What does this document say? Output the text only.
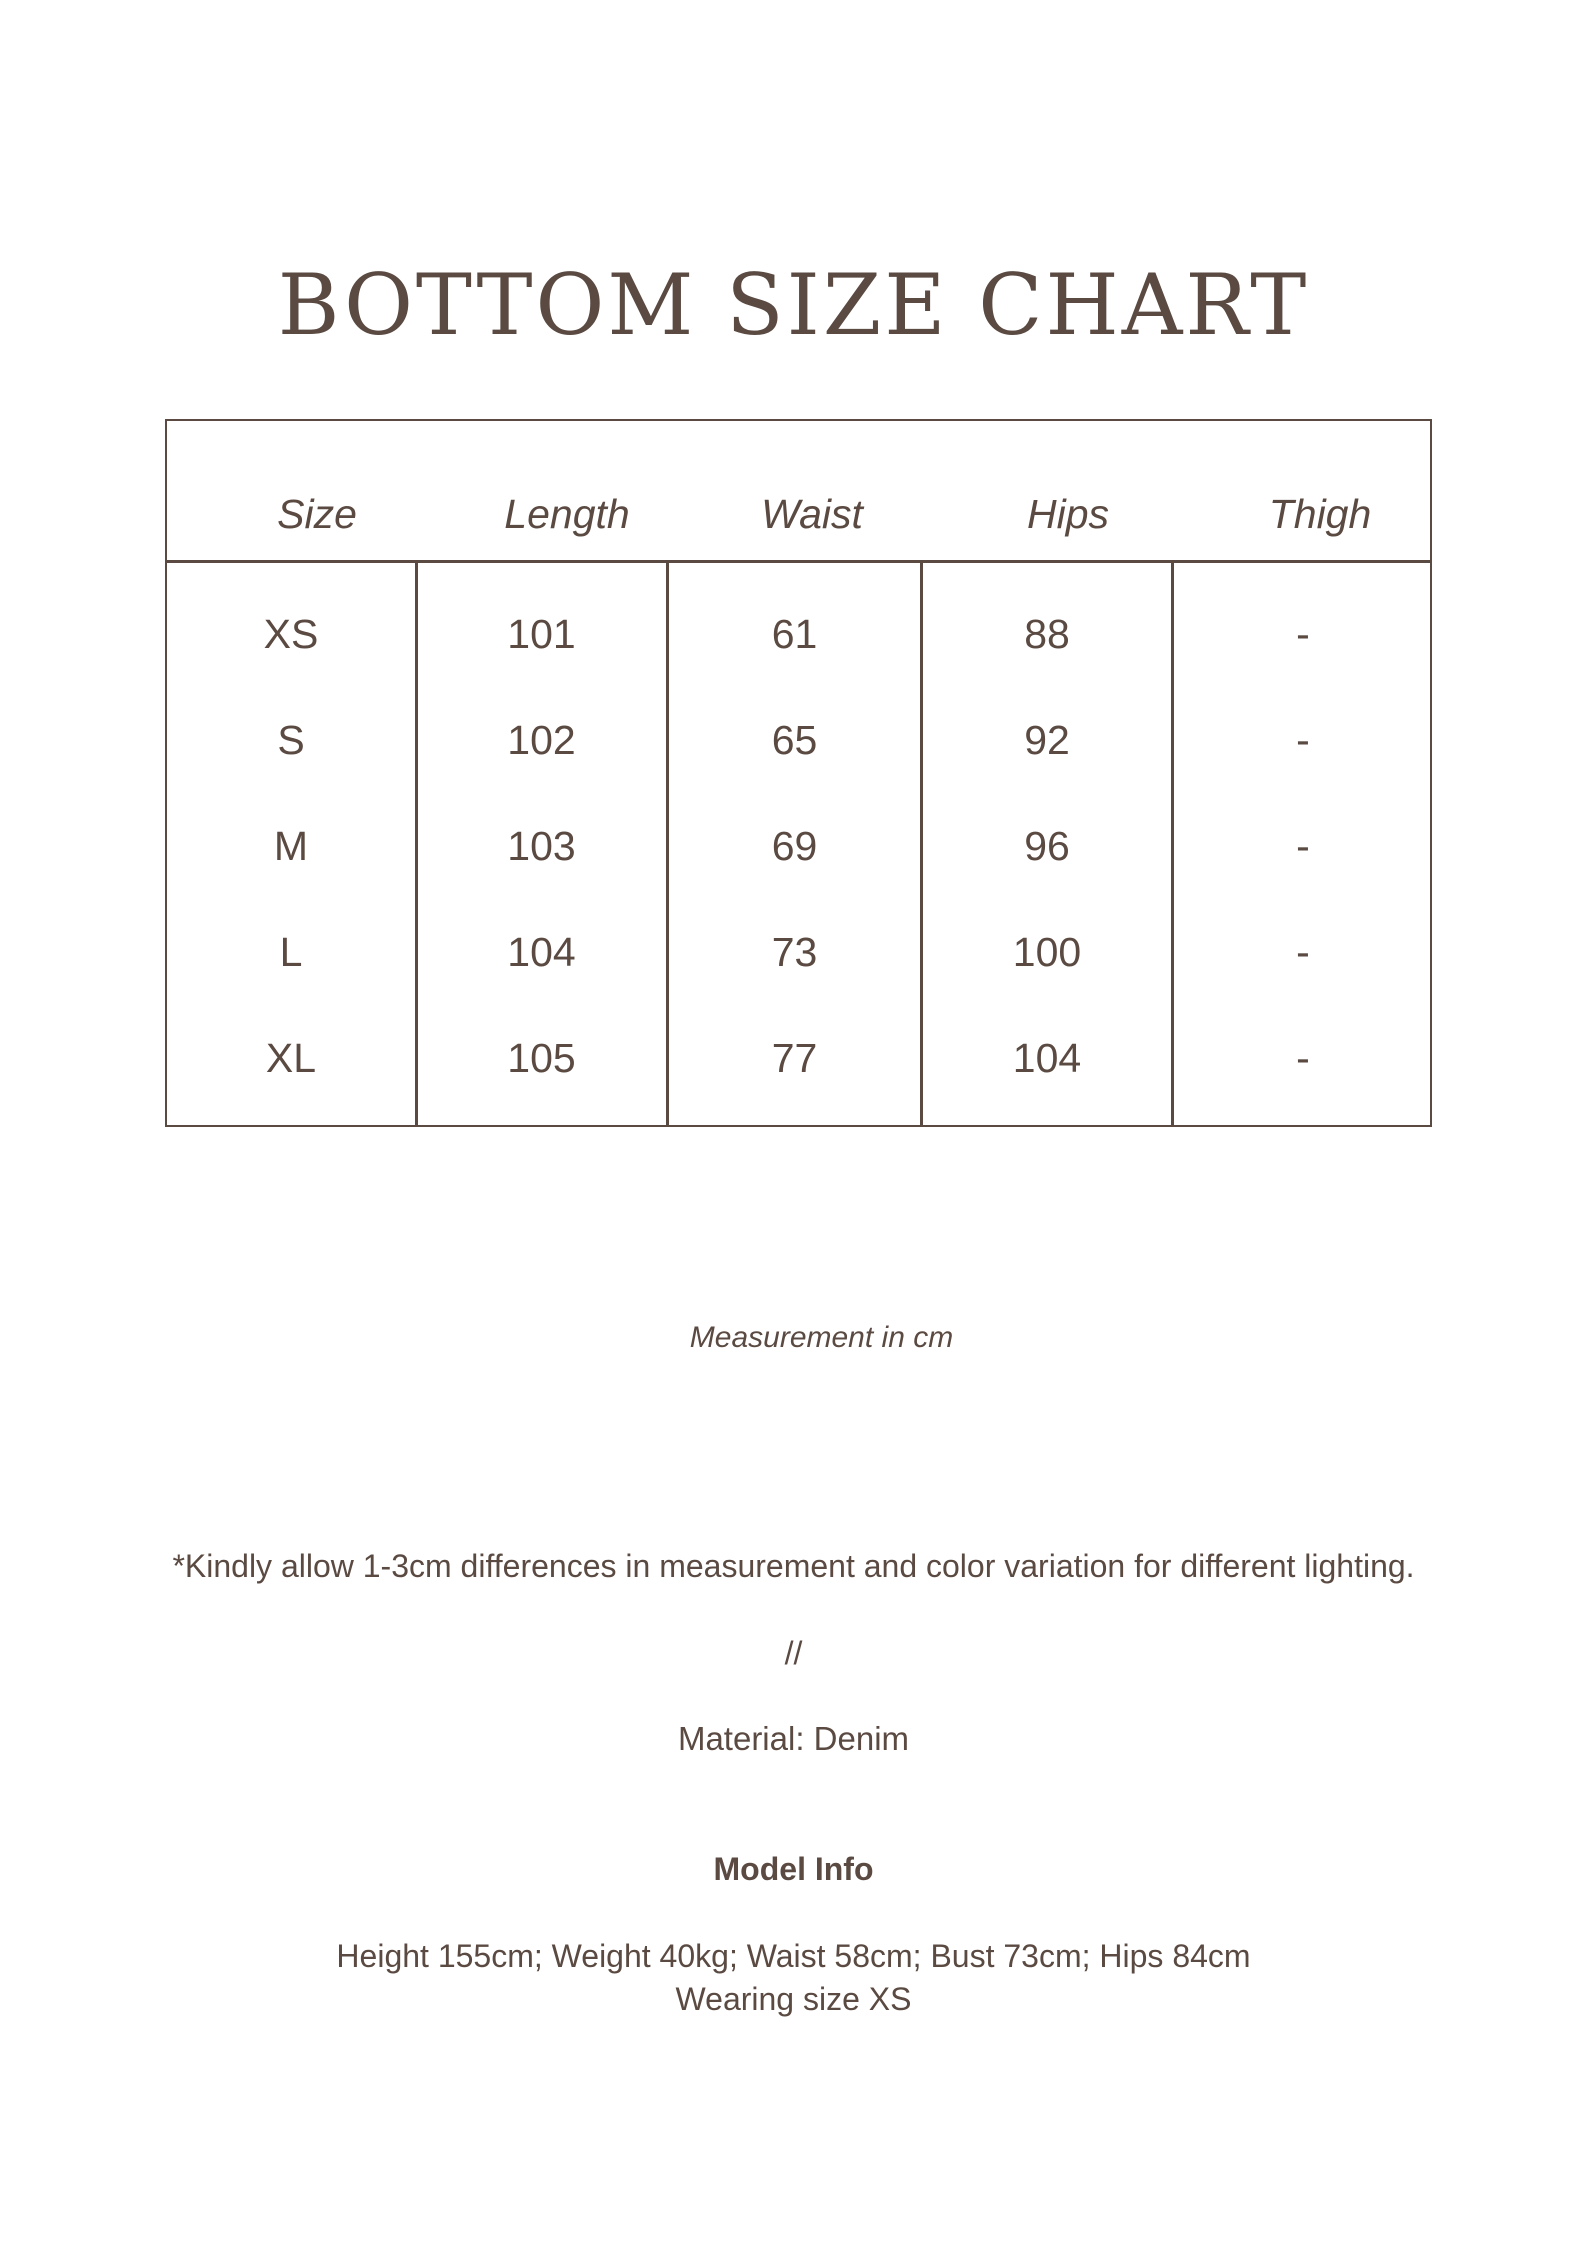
BOTTOM SIZE CHART
Size	Length	Waist	Hips	Thigh
XS	101	61	88	-
S	102	65	92	-
M	103	69	96	-
L	104	73	100	-
XL	105	77	104	-

Measurement in cm

*Kindly allow 1-3cm differences in measurement and color variation for different lighting.

//

Material: Denim

Model Info

Height 155cm; Weight 40kg; Waist 58cm; Bust 73cm; Hips 84cm

Wearing size XS
